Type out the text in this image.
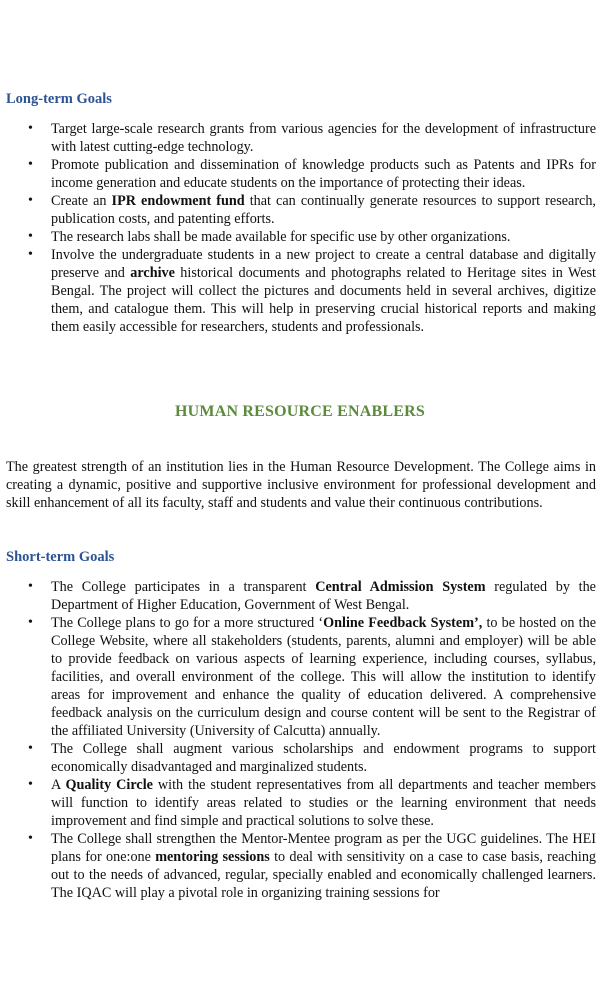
Long-term Goals
• Target large-scale research grants from various agencies for the development of infrastructure with latest cutting-edge technology.
• Promote publication and dissemination of knowledge products such as Patents and IPRs for income generation and educate students on the importance of protecting their ideas.
• Create an IPR endowment fund that can continually generate resources to support research, publication costs, and patenting efforts.
• The research labs shall be made available for specific use by other organizations.
• Involve the undergraduate students in a new project to create a central database and digitally preserve and archive historical documents and photographs related to Heritage sites in West Bengal. The project will collect the pictures and documents held in several archives, digitize them, and catalogue them. This will help in preserving crucial historical reports and making them easily accessible for researchers, students and professionals.
HUMAN RESOURCE ENABLERS

The greatest strength of an institution lies in the Human Resource Development. The College aims in creating a dynamic, positive and supportive inclusive environment for professional development and skill enhancement of all its faculty, staff and students and value their continuous contributions.

Short-term Goals
• The College participates in a transparent Central Admission System regulated by the Department of Higher Education, Government of West Bengal.
• The College plans to go for a more structured ‘Online Feedback System’, to be hosted on the College Website, where all stakeholders (students, parents, alumni and employer) will be able to provide feedback on various aspects of learning experience, including courses, syllabus, facilities, and overall environment of the college. This will allow the institution to identify areas for improvement and enhance the quality of education delivered. A comprehensive feedback analysis on the curriculum design and course content will be sent to the Registrar of the affiliated University (University of Calcutta) annually.
• The College shall augment various scholarships and endowment programs to support economically disadvantaged and marginalized students.
• A Quality Circle with the student representatives from all departments and teacher members will function to identify areas related to studies or the learning environment that needs improvement and find simple and practical solutions to solve these.
• The College shall strengthen the Mentor-Mentee program as per the UGC guidelines. The HEI plans for one:one mentoring sessions to deal with sensitivity on a case to case basis, reaching out to the needs of advanced, regular, specially enabled and economically challenged learners. The IQAC will play a pivotal role in organizing training sessions for
